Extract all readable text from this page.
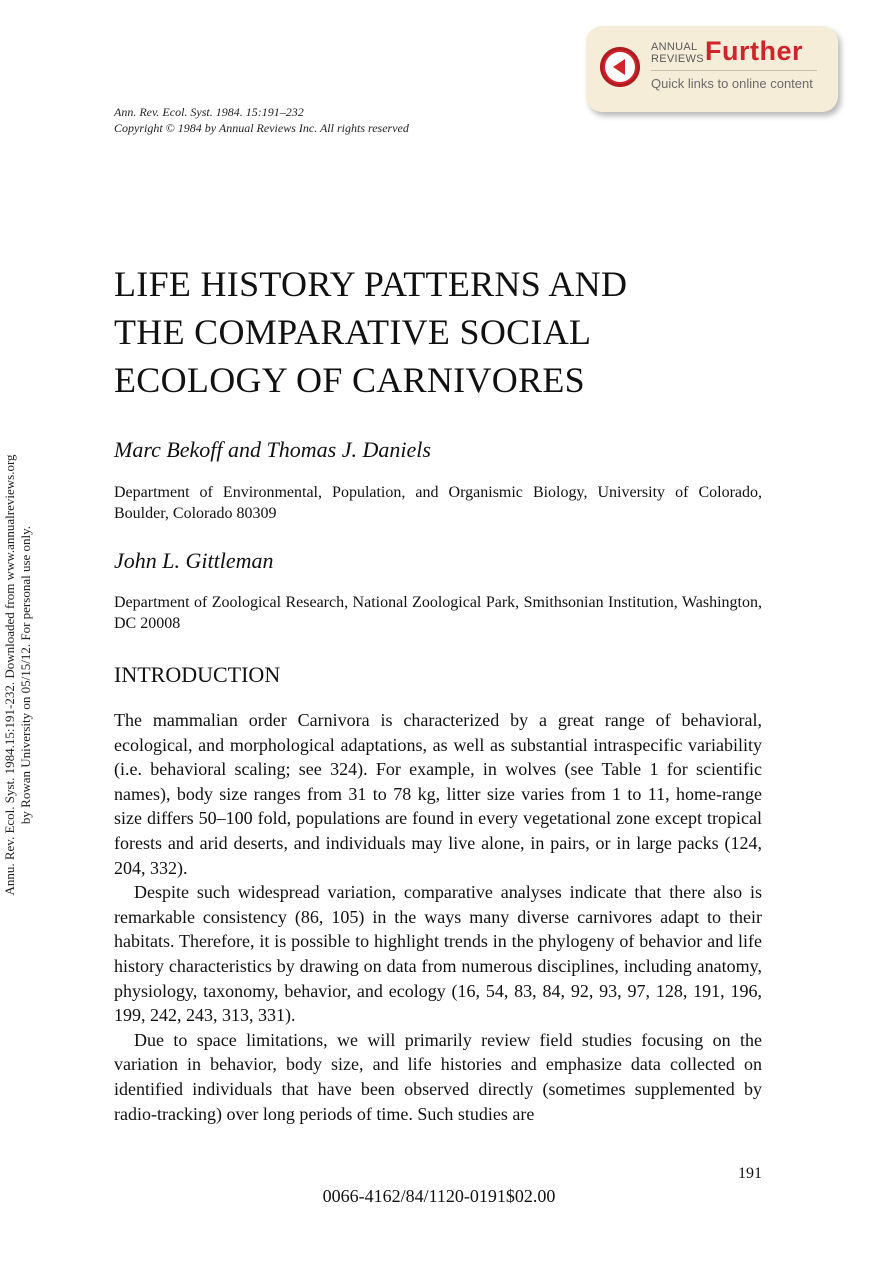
ANNUAL
REVIEWS Further
Quick links to online content
Ann. Rev. Ecol. Syst. 1984. 15:191–232
Copyright © 1984 by Annual Reviews Inc. All rights reserved
Annu. Rev. Ecol. Syst. 1984.15:191-232. Downloaded from www.annualreviews.org by Rowan University on 05/15/12. For personal use only.
LIFE HISTORY PATTERNS AND
THE COMPARATIVE SOCIAL
ECOLOGY OF CARNIVORES
Marc Bekoff and Thomas J. Daniels
Department of Environmental, Population, and Organismic Biology, University of Colorado, Boulder, Colorado 80309
John L. Gittleman
Department of Zoological Research, National Zoological Park, Smithsonian Institution, Washington, DC 20008
INTRODUCTION

The mammalian order Carnivora is characterized by a great range of behavioral, ecological, and morphological adaptations, as well as substantial intraspecific variability (i.e. behavioral scaling; see 324). For example, in wolves (see Table 1 for scientific names), body size ranges from 31 to 78 kg, litter size varies from 1 to 11, home-range size differs 50–100 fold, populations are found in every vegetational zone except tropical forests and arid deserts, and individuals may live alone, in pairs, or in large packs (124, 204, 332).

Despite such widespread variation, comparative analyses indicate that there also is remarkable consistency (86, 105) in the ways many diverse carnivores adapt to their habitats. Therefore, it is possible to highlight trends in the phylogeny of behavior and life history characteristics by drawing on data from numerous disciplines, including anatomy, physiology, taxonomy, behavior, and ecology (16, 54, 83, 84, 92, 93, 97, 128, 191, 196, 199, 242, 243, 313, 331).

Due to space limitations, we will primarily review field studies focusing on the variation in behavior, body size, and life histories and emphasize data collected on identified individuals that have been observed directly (sometimes supplemented by radio-tracking) over long periods of time. Such studies are

191
0066-4162/84/1120-0191$02.00
